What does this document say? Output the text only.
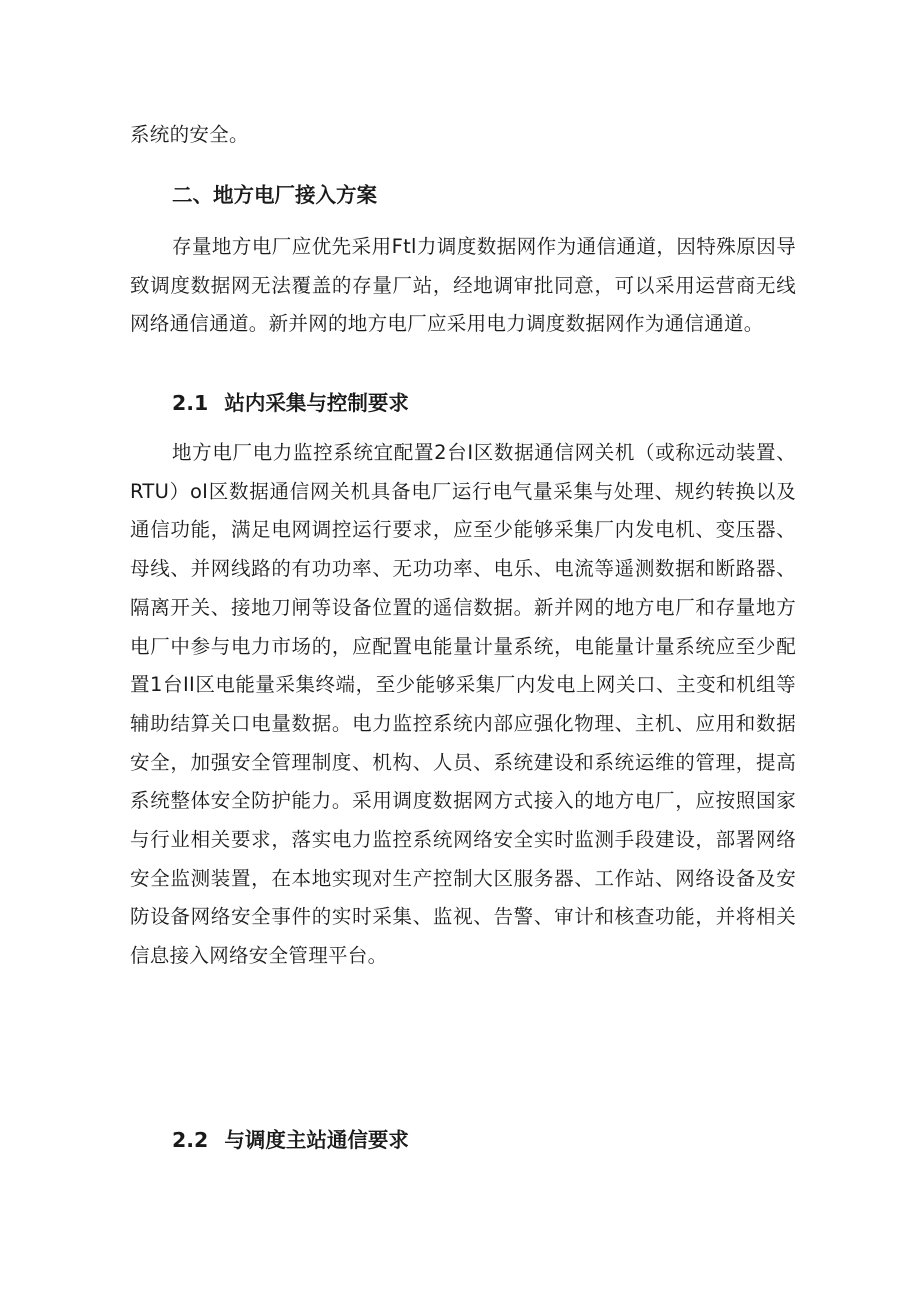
系统的安全。

二、地方电厂接入方案

存量地方电厂应优先采用Ftl力调度数据网作为通信通道，因特殊原因导致调度数据网无法覆盖的存量厂站，经地调审批同意，可以采用运营商无线网络通信通道。新并网的地方电厂应采用电力调度数据网作为通信通道。

2.1 站内采集与控制要求

地方电厂电力监控系统宜配置2台I区数据通信网关机（或称远动装置、RTU）oI区数据通信网关机具备电厂运行电气量采集与处理、规约转换以及通信功能，满足电网调控运行要求，应至少能够采集厂内发电机、变压器、母线、并网线路的有功功率、无功功率、电乐、电流等遥测数据和断路器、隔离开关、接地刀闸等设备位置的遥信数据。新并网的地方电厂和存量地方电厂中参与电力市场的，应配置电能量计量系统，电能量计量系统应至少配置1台II区电能量采集终端，至少能够采集厂内发电上网关口、主变和机组等辅助结算关口电量数据。电力监控系统内部应强化物理、主机、应用和数据安全，加强安全管理制度、机构、人员、系统建设和系统运维的管理，提高系统整体安全防护能力。采用调度数据网方式接入的地方电厂，应按照国家与行业相关要求，落实电力监控系统网络安全实时监测手段建设，部署网络安全监测装置，在本地实现对生产控制大区服务器、工作站、网络设备及安防设备网络安全事件的实时采集、监视、告警、审计和核查功能，并将相关信息接入网络安全管理平台。

2.2 与调度主站通信要求
